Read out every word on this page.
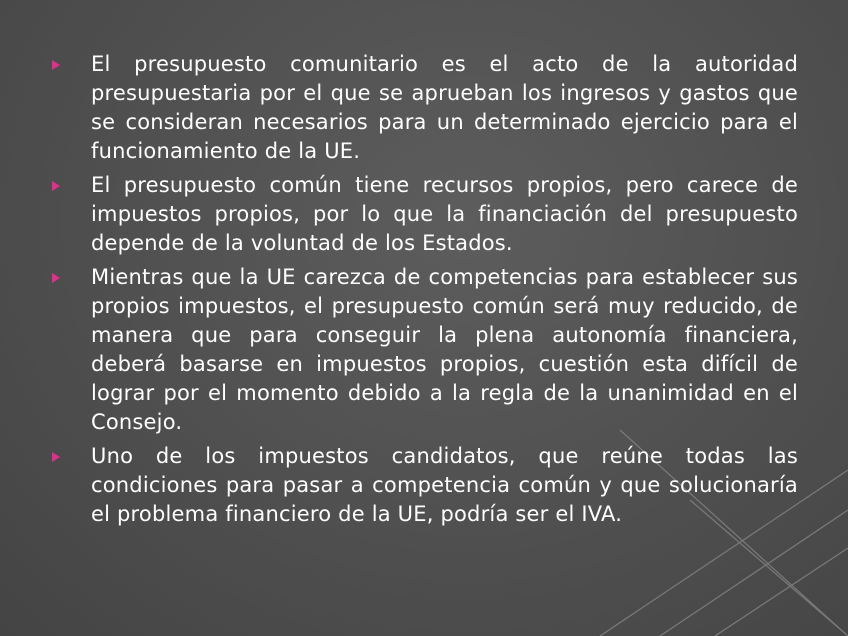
El presupuesto comunitario es el acto de la autoridad presupuestaria por el que se aprueban los ingresos y gastos que se consideran necesarios para un determinado ejercicio para el funcionamiento de la UE.
El presupuesto común tiene recursos propios, pero carece de impuestos propios, por lo que la financiación del presupuesto depende de la voluntad de los Estados.
Mientras que la UE carezca de competencias para establecer sus propios impuestos, el presupuesto común será muy reducido, de manera que para conseguir la plena autonomía financiera, deberá basarse en impuestos propios, cuestión esta difícil de lograr por el momento debido a la regla de la unanimidad en el Consejo.
Uno de los impuestos candidatos, que reúne todas las condiciones para pasar a competencia común y que solucionaría el problema financiero de la UE, podría ser el IVA.
